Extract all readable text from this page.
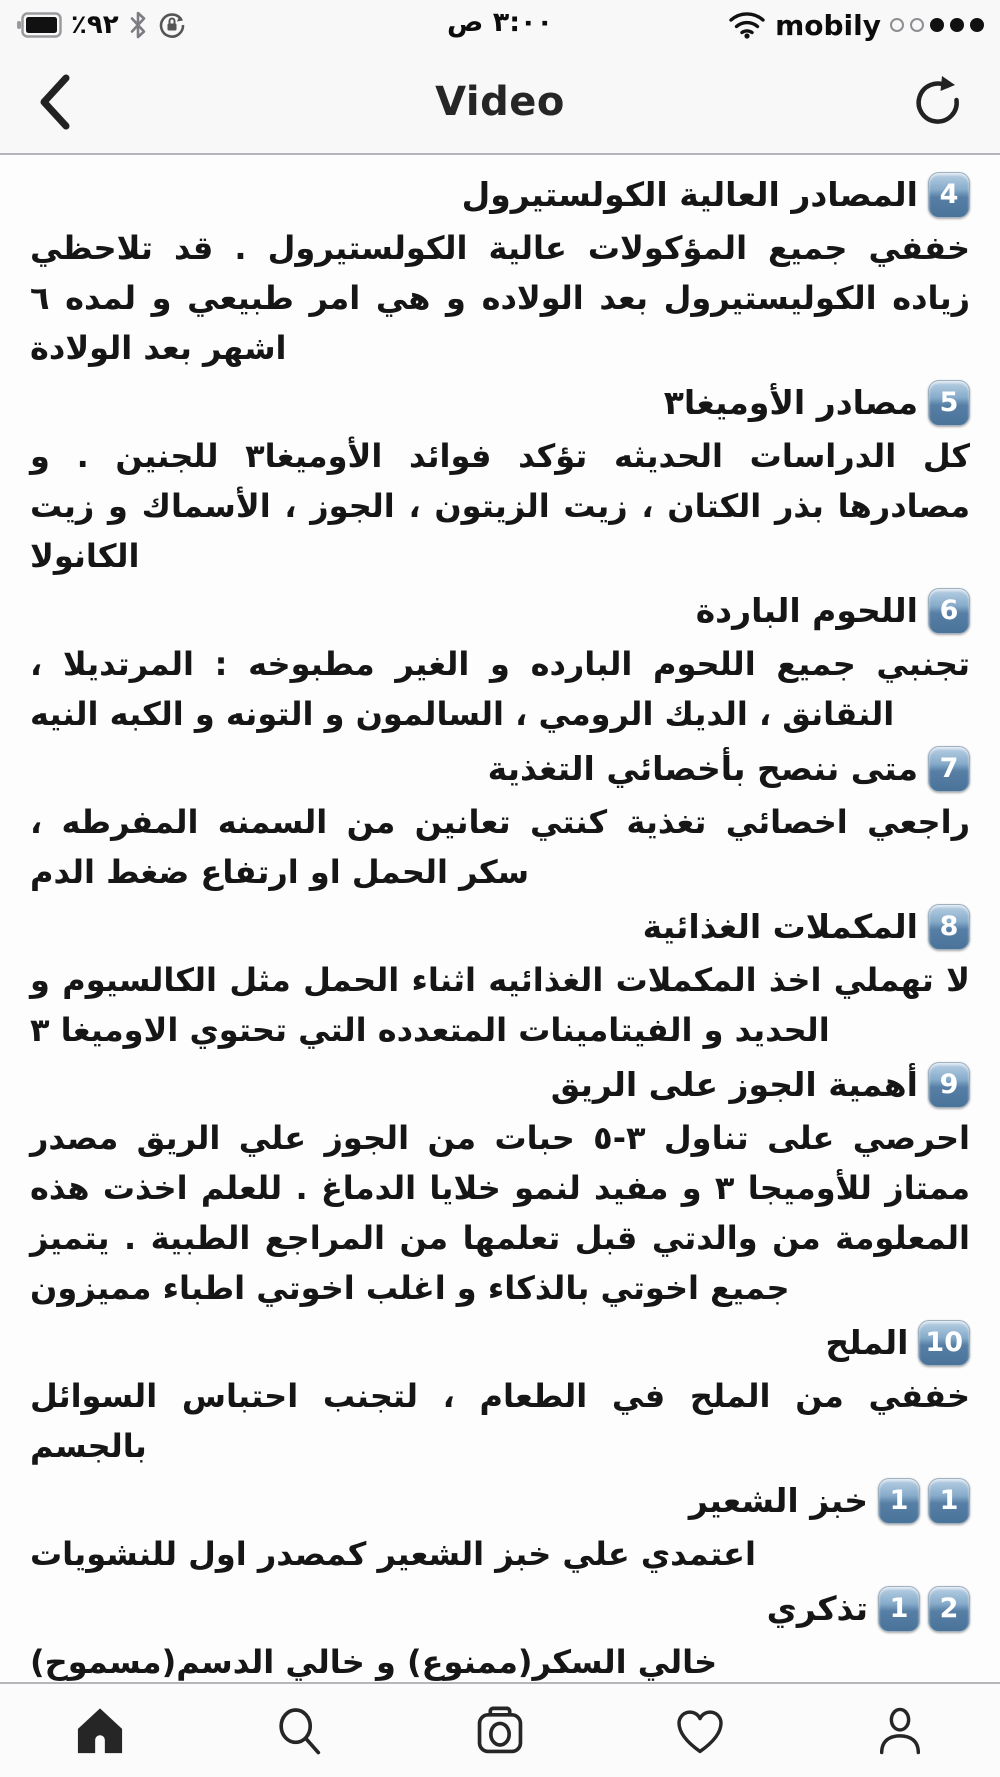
٩٢٪	٣:٠٠ ص	mobily
Video
المصادر العالية الكولستيرول 4

خففي جميع المؤكولات عالية الكولستيرول . قد تلاحظي زياده الكوليستيرول بعد الولاده و هي امر طبيعي و لمده ٦ اشهر بعد الولادة

مصادر الأوميغا٣ 5

كل الدراسات الحديثه تؤكد فوائد الأوميغا٣ للجنين . و مصادرها بذر الكتان ، زيت الزيتون ، الجوز ، الأسماك و زيت الكانولا

اللحوم الباردة 6

تجنبي جميع اللحوم البارده و الغير مطبوخه : المرتديلا ، النقانق ، الديك الرومي ، السالمون و التونه و الكبه النيه

متى ننصح بأخصائي التغذية 7

راجعي اخصائي تغذية كنتي تعانين من السمنه المفرطه ، سكر الحمل او ارتفاع ضغط الدم

المكملات الغذائية 8

لا تهملي اخذ المكملات الغذائيه اثناء الحمل مثل الكالسيوم و الحديد و الفيتامينات المتعدده التي تحتوي الاوميغا ٣

أهمية الجوز على الريق 9

احرصي على تناول ٣-٥ حبات من الجوز علي الريق مصدر ممتاز للأوميجا ٣ و مفيد لنمو خلايا الدماغ . للعلم اخذت هذه المعلومة من والدتي قبل تعلمها من المراجع الطبية . يتميز جميع اخوتي بالذكاء و اغلب اخوتي اطباء مميزون

الملح 10

خففي من الملح في الطعام ، لتجنب احتباس السوائل بالجسم

خبز الشعير 1	1

اعتمدي علي خبز الشعير كمصدر اول للنشويات

تذكري 1	2

خالي السكر(ممنوع) و خالي الدسم(مسموح)
